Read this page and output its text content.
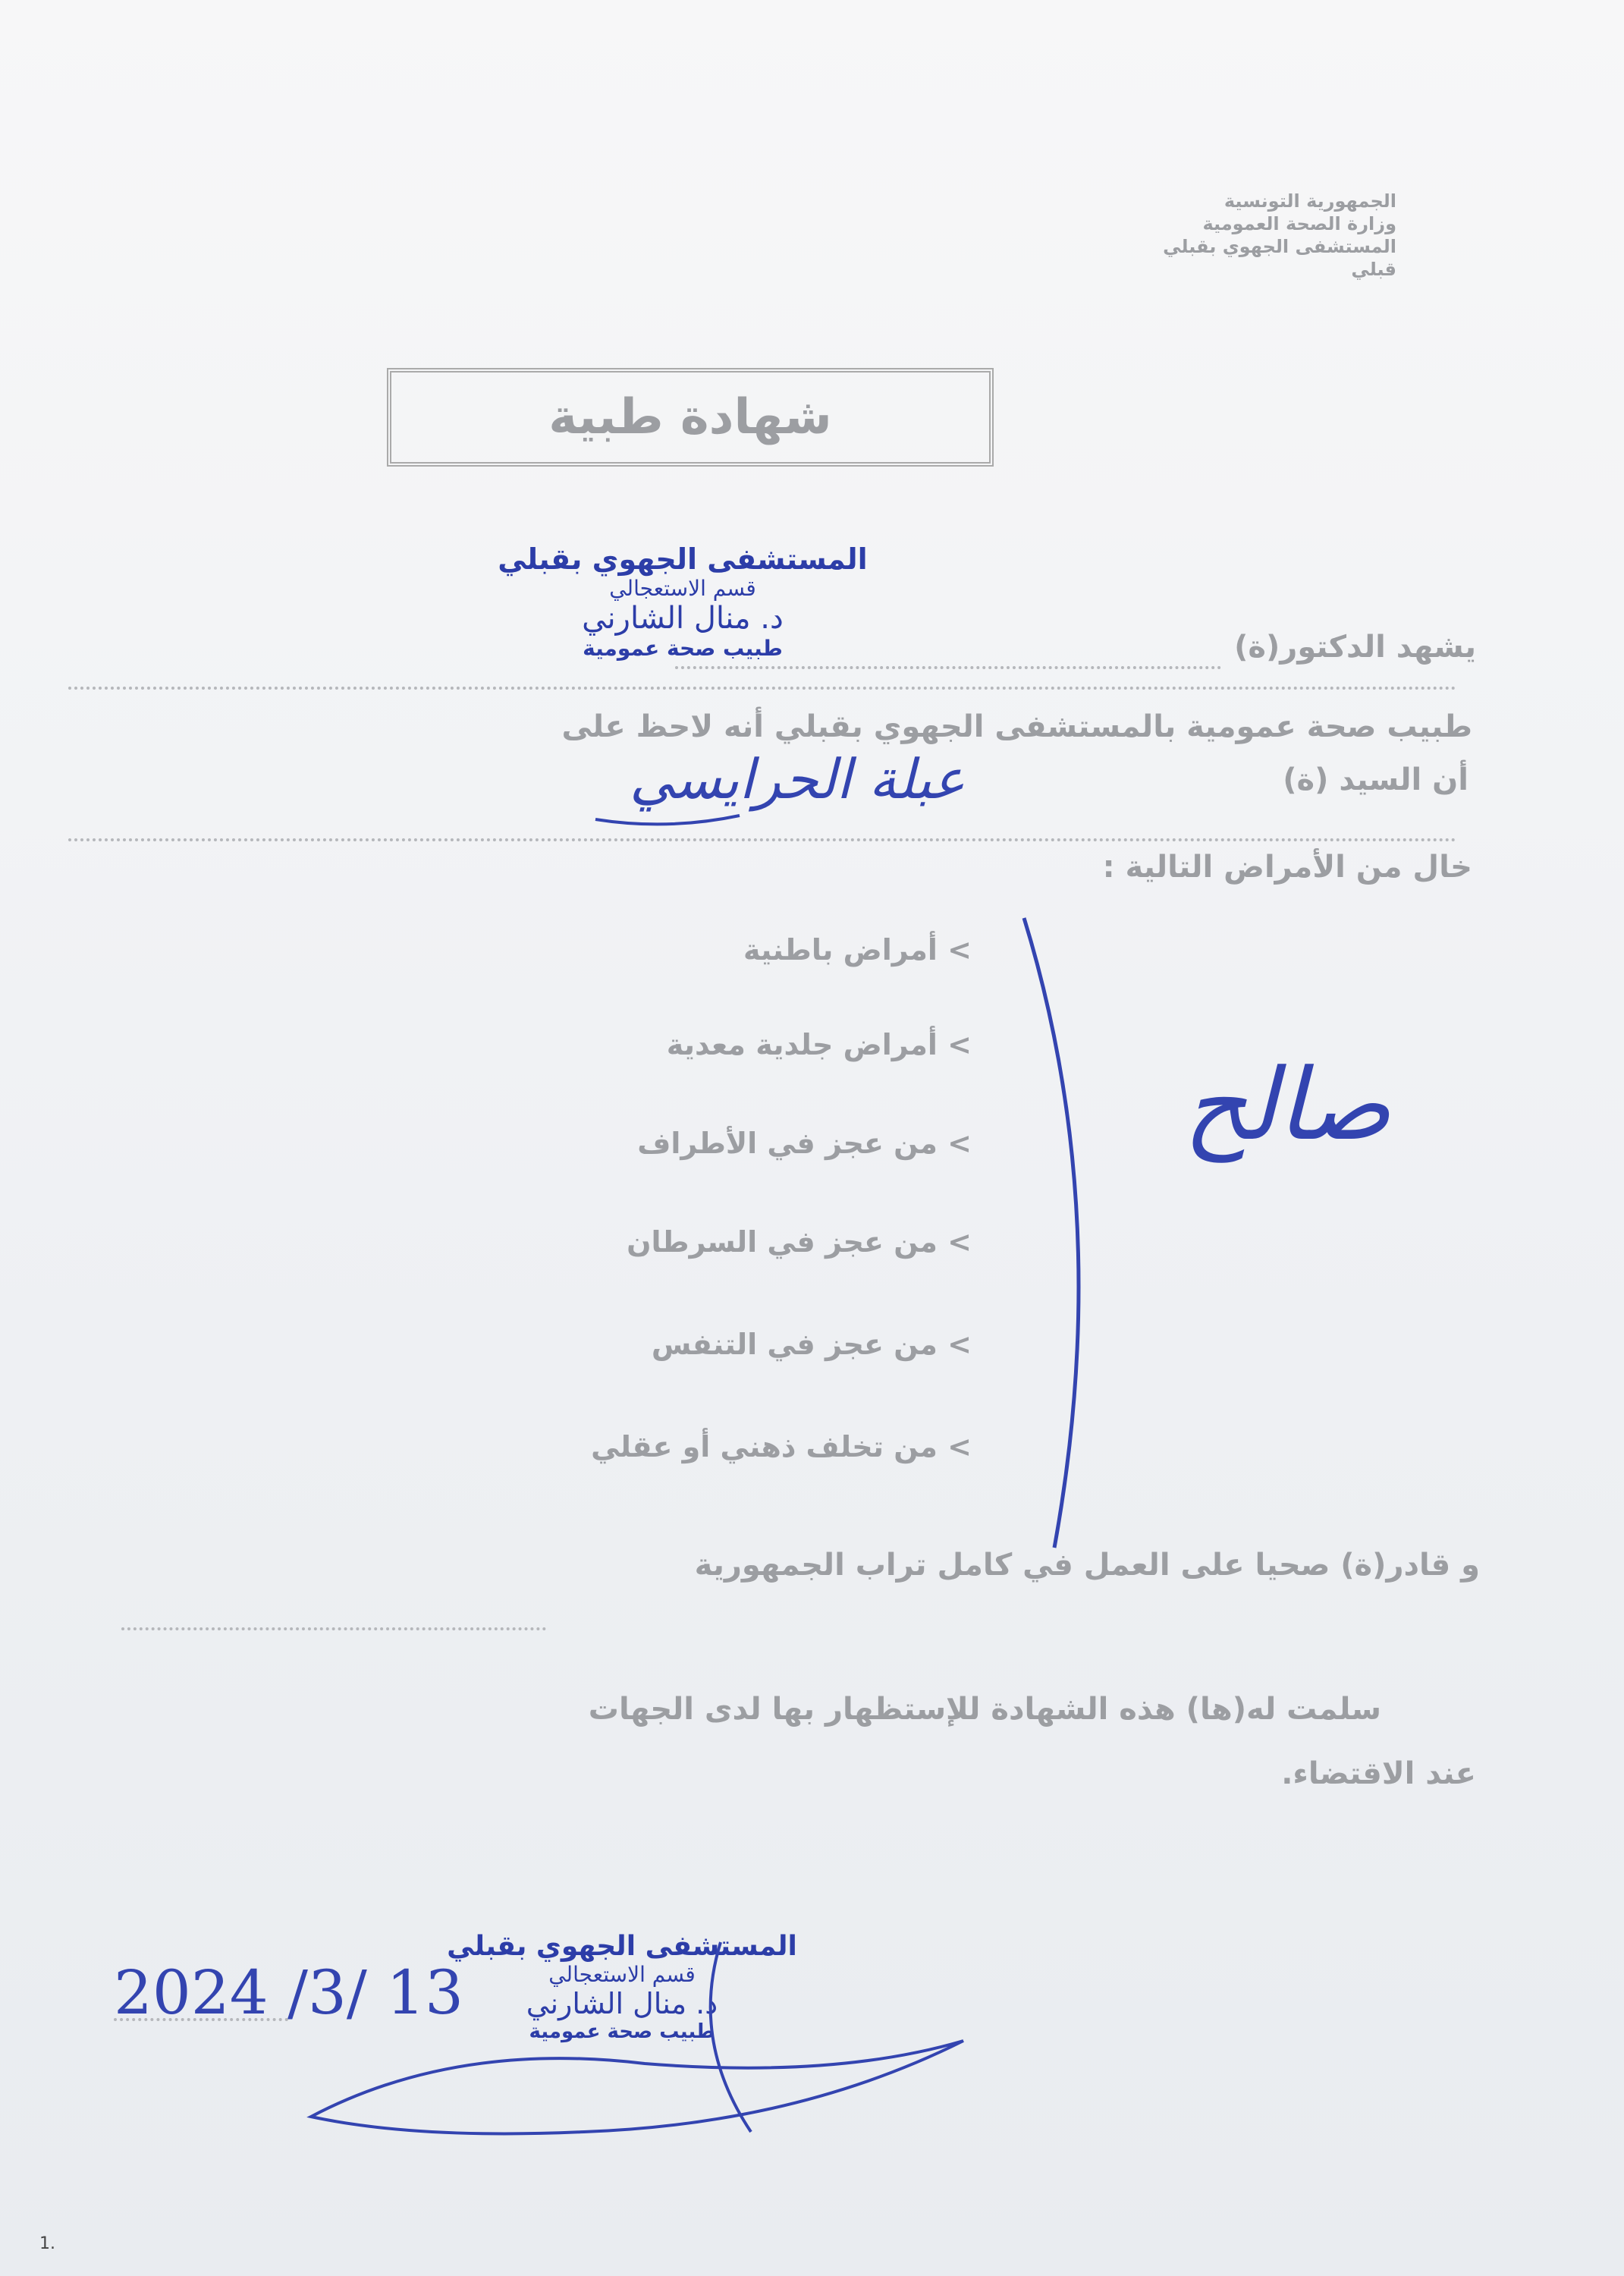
الجمهورية التونسية
وزارة الصحة العمومية
المستشفى الجهوي بقبلي
قبلي
شهادة طبية
المستشفى الجهوي بقبلي
قسم الاستعجالي
د. منال الشارني
طبيب صحة عمومية	يشهد الدكتور(ة)
طبيب صحة عمومية بالمستشفى الجهوي بقبلي أنه لاحظ على
أن السيد (ة)
عبلة الحرايسي
خال من الأمراض التالية :
> أمراض باطنية
> أمراض جلدية معدية
> من عجز في الأطراف
> من عجز في السرطان
> من عجز في التنفس
> من تخلف ذهني أو عقلي
صالح
و قادر(ة) صحيا على العمل في كامل تراب الجمهورية
سلمت له(ها) هذه الشهادة للإستظهار بها لدى الجهات
عند الاقتضاء.
2024 /3/ 13
المستشفى الجهوي بقبلي
قسم الاستعجالي
د. منال الشارني
طبيب صحة عمومية
1.
